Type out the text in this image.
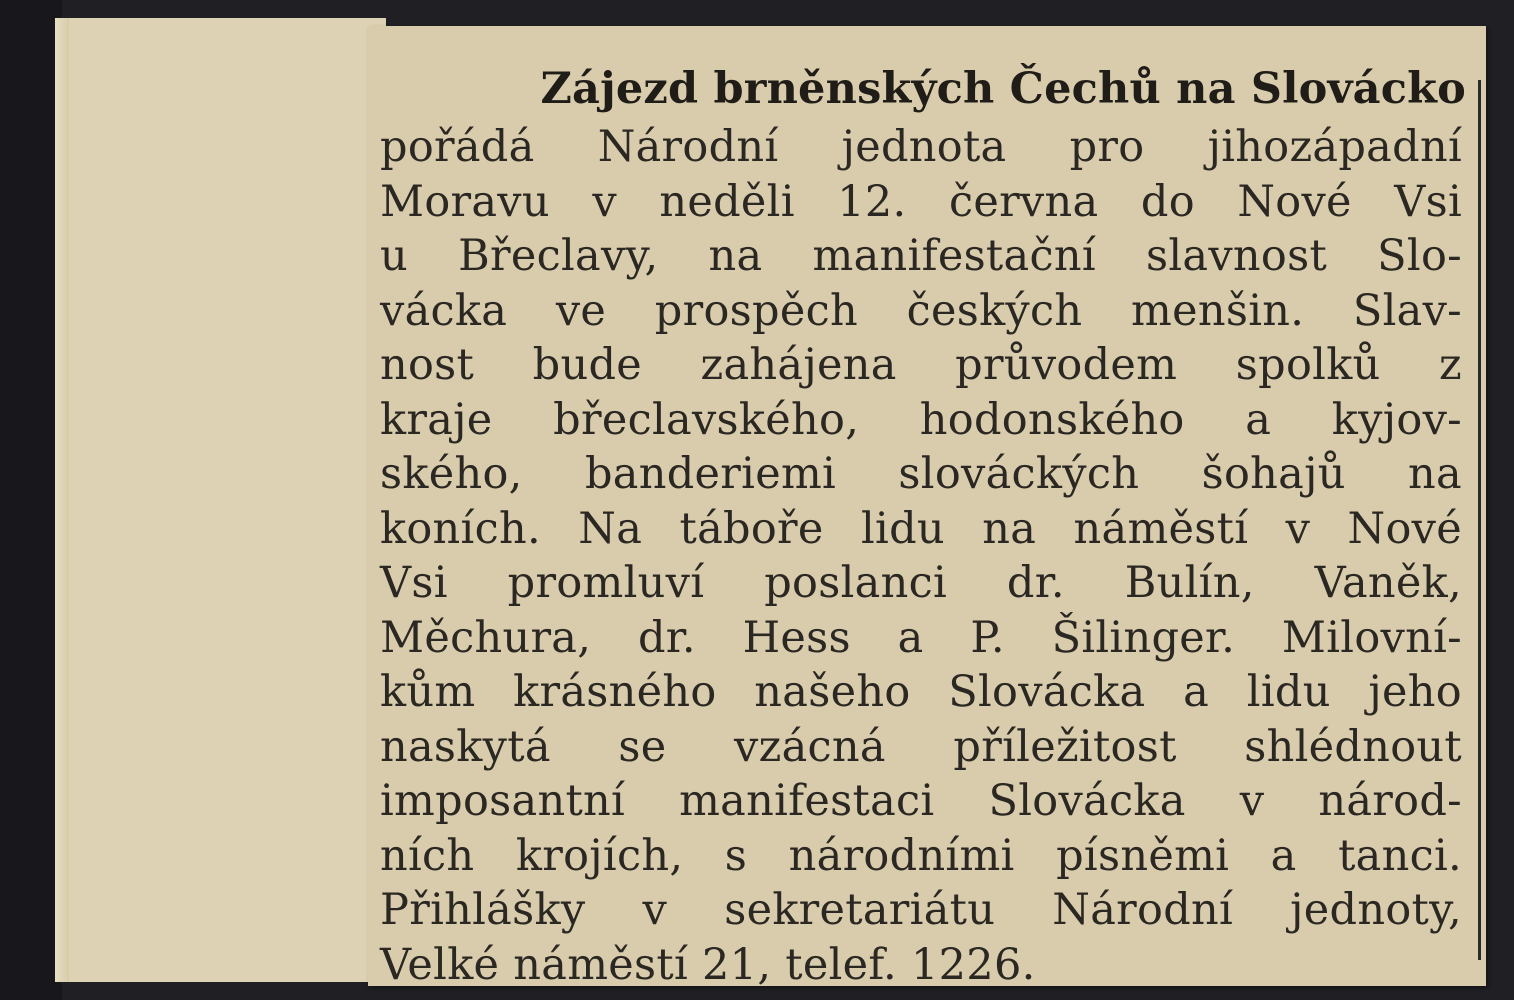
Zájezd brněnských Čechů na Slovácko
pořádá Národní jednota pro jihozápadní
Moravu v neděli 12. června do Nové Vsi
u Břeclavy, na manifestační slavnost Slo-
vácka ve prospěch českých menšin. Slav-
nost bude zahájena průvodem spolků z
kraje břeclavského, hodonského a kyjov-
ského, banderiemi slováckých šohajů na
koních. Na táboře lidu na náměstí v Nové
Vsi promluví poslanci dr. Bulín, Vaněk,
Měchura, dr. Hess a P. Šilinger. Milovní-
kům krásného našeho Slovácka a lidu jeho
naskytá se vzácná příležitost shlédnout
imposantní manifestaci Slovácka v národ-
ních krojích, s národními písněmi a tanci.
Přihlášky v sekretariátu Národní jednoty,
Velké náměstí 21, telef. 1226.
